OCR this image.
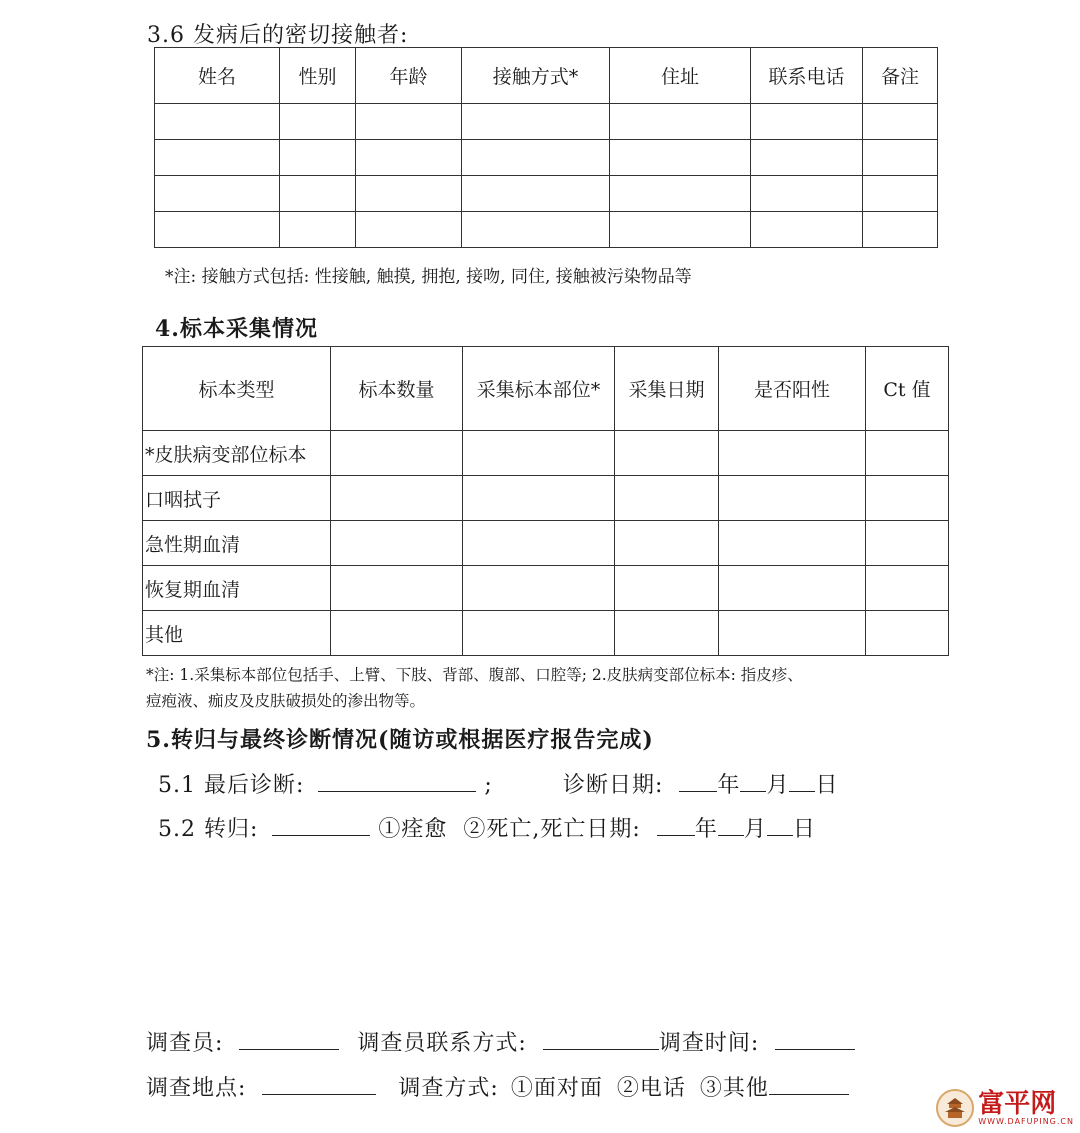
3.6 发病后的密切接触者:
姓名	性别	年龄	接触方式*	住址	联系电话	备注

*注: 接触方式包括: 性接触, 触摸, 拥抱, 接吻, 同住, 接触被污染物品等
4.标本采集情况
标本类型	标本数量	采集标本部位*	采集日期	是否阳性	Ct 值
*皮肤病变部位标本					
口咽拭子					
急性期血清					
恢复期血清					
其他					
*注: 1.采集标本部位包括手、上臂、下肢、背部、腹部、口腔等; 2.皮肤病变部位标本: 指皮疹、
痘疱液、痂皮及皮肤破损处的渗出物等。
5.转归与最终诊断情况(随访或根据医疗报告完成)
5.1 最后诊断:	;	诊断日期: 年 月 日
5.2 转归:	①痊愈 ②死亡,死亡日期: 年 月 日
调查员:	调查员联系方式:	调查时间:
调查地点:	调查方式: ①面对面 ②电话 ③其他	富平网
WWW.DAFUPING.CN
